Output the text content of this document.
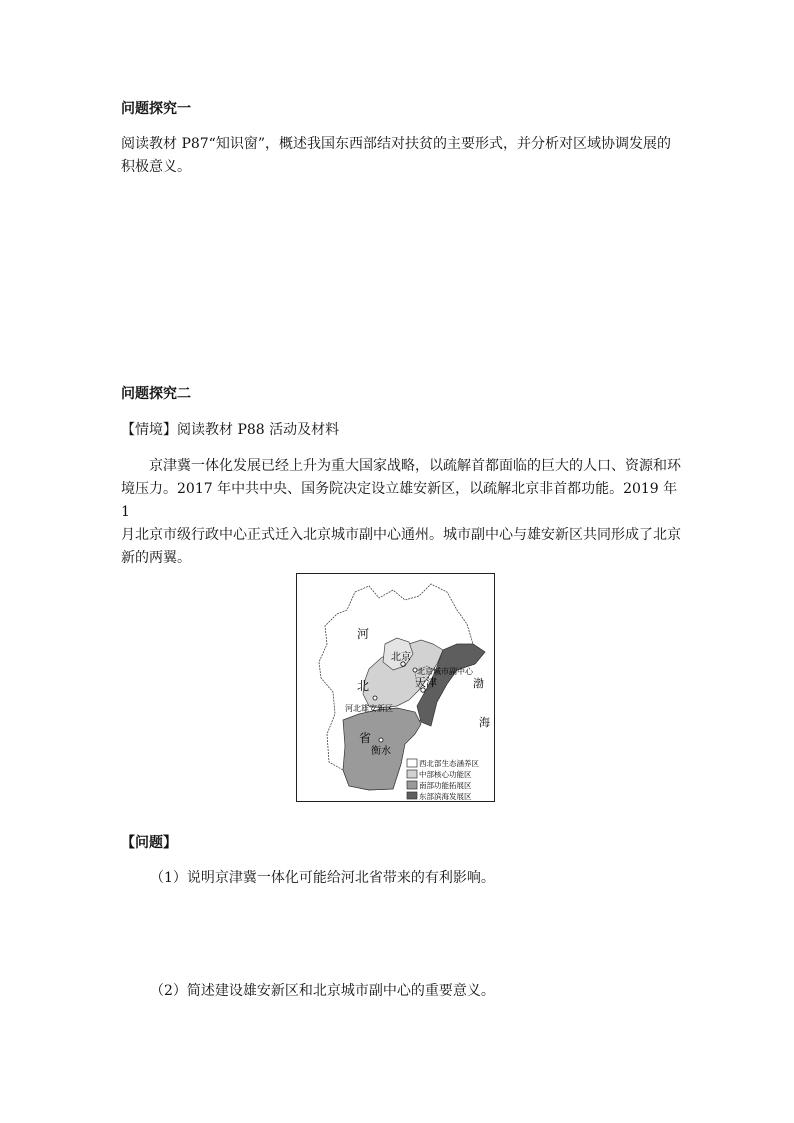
问题探究一
阅读教材 P87“知识窗”，概述我国东西部结对扶贫的主要形式，并分析对区域协调发展的
积极意义。
问题探究二
【情境】阅读教材 P88 活动及材料
京津冀一体化发展已经上升为重大国家战略，以疏解首都面临的巨大的人口、资源和环
境压力。2017 年中共中央、国务院决定设立雄安新区，以疏解北京非首都功能。2019 年 1
月北京市级行政中心正式迁入北京城市副中心通州。城市副中心与雄安新区共同形成了北京
新的两翼。
河
北
省
北京
北京城市副中心
天津
河北雄安新区
衡水
渤
海
西北部生态涵养区
中部核心功能区
南部功能拓展区
东部滨海发展区
【问题】
（1）说明京津冀一体化可能给河北省带来的有利影响。
（2）简述建设雄安新区和北京城市副中心的重要意义。
